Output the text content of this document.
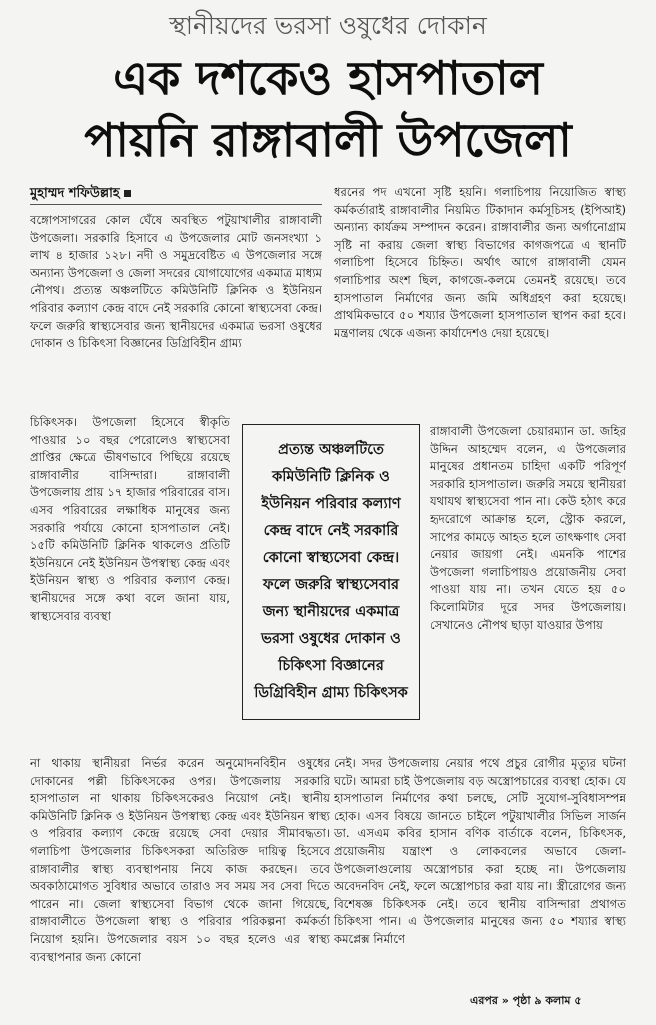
স্থানীয়দের ভরসা ওষুধের দোকান
এক দশকেও হাসপাতাল
পায়নি রাঙ্গাবালী উপজেলা
মুহাম্মদ শফিউল্লাহ

বঙ্গোপসাগরের কোল ঘেঁষে অবস্থিত পটুয়াখালীর রাঙ্গাবালী উপজেলা। সরকারি হিসাবে এ উপজেলার মোট জনসংখ্যা ১ লাখ ৪ হাজার ১২৮। নদী ও সমুদ্রবেষ্টিত এ উপজেলার সঙ্গে অন্যান্য উপজেলা ও জেলা সদরের যোগাযোগের একমাত্র মাধ্যম নৌপথ। প্রত্যন্ত অঞ্চলটিতে কমিউনিটি ক্লিনিক ও ইউনিয়ন পরিবার কল্যাণ কেন্দ্র বাদে নেই সরকারি কোনো স্বাস্থ্যসেবা কেন্দ্র। ফলে জরুরি স্বাস্থ্যসেবার জন্য স্থানীয়দের একমাত্র ভরসা ওষুধের দোকান ও চিকিৎসা বিজ্ঞানের ডিগ্রিবিহীন গ্রাম্য

চিকিৎসক। উপজেলা হিসেবে স্বীকৃতি পাওয়ার ১০ বছর পেরোলেও স্বাস্থ্যসেবা প্রাপ্তির ক্ষেত্রে ভীষণভাবে পিছিয়ে রয়েছে রাঙ্গাবালীর বাসিন্দারা। রাঙ্গাবালী উপজেলায় প্রায় ১৭ হাজার পরিবারের বাস। এসব পরিবারের লক্ষাধিক মানুষের জন্য সরকারি পর্যায়ে কোনো হাসপাতাল নেই। ১৫টি কমিউনিটি ক্লিনিক থাকলেও প্রতিটি ইউনিয়নে নেই ইউনিয়ন উপস্বাস্থ্য কেন্দ্র এবং ইউনিয়ন স্বাস্থ্য ও পরিবার কল্যাণ কেন্দ্র। স্থানীয়দের সঙ্গে কথা বলে জানা যায়, স্বাস্থ্যসেবার ব্যবস্থা

না থাকায় স্থানীয়রা নির্ভর করেন অনুমোদনবিহীন ওষুধের দোকানের পল্লী চিকিৎসকের ওপর। উপজেলায় সরকারি হাসপাতাল না থাকায় চিকিৎসকেরও নিয়োগ নেই। স্থানীয় কমিউনিটি ক্লিনিক ও ইউনিয়ন উপস্বাস্থ্য কেন্দ্র এবং ইউনিয়ন স্বাস্থ্য ও পরিবার কল্যাণ কেন্দ্রে রয়েছে সেবা দেয়ার সীমাবদ্ধতা। গলাচিপা উপজেলার চিকিৎসকরা অতিরিক্ত দায়িত্ব হিসেবে রাঙ্গাবালীর স্বাস্থ্য ব্যবস্থাপনায় নিযে কাজ করছেন। তবে অবকাঠামোগত সুবিধার অভাবে তারাও সব সময় সব সেবা দিতে পারেন না। জেলা স্বাস্থ্যসেবা বিভাগ থেকে জানা গিয়েছে, রাঙ্গাবালীতে উপজেলা স্বাস্থ্য ও পরিবার পরিকল্পনা কর্মকর্তা নিয়োগ হয়নি। উপজেলার বয়স ১০ বছর হলেও এর স্বাস্থ্য ব্যবস্থাপনার জন্য কোনো

ধরনের পদ এখনো সৃষ্টি হয়নি। গলাচিপায় নিয়োজিত স্বাস্থ্য কর্মকর্তারাই রাঙ্গাবালীর নিয়মিত টিকাদান কর্মসূচিসহ (ইপিআই) অন্যান্য কার্যক্রম সম্পাদন করেন। রাঙ্গাবালীর জন্য অর্গানোগ্রাম সৃষ্টি না করায় জেলা স্বাস্থ্য বিভাগের কাগজপত্রে এ স্থানটি গলাচিপা হিসেবে চিহ্নিত। অর্থাৎ আগে রাঙ্গাবালী যেমন গলাচিপার অংশ ছিল, কাগজে-কলমে তেমনই রয়েছে। তবে হাসপাতাল নির্মাণের জন্য জমি অধিগ্রহণ করা হয়েছে। প্রাথমিকভাবে ৫০ শয্যার উপজেলা হাসপাতাল স্থাপন করা হবে। মন্ত্রণালয় থেকে এজন্য কার্যাদেশও দেয়া হয়েছে।

রাঙ্গাবালী উপজেলা চেয়ারম্যান ডা. জহির উদ্দিন আহম্মেদ বলেন, এ উপজেলার মানুষের প্রধানতম চাহিদা একটি পরিপূর্ণ সরকারি হাসপাতাল। জরুরি সময়ে স্থানীয়রা যথাযথ স্বাস্থ্যসেবা পান না। কেউ হঠাৎ করে হৃদরোগে আক্রান্ত হলে, স্ট্রোক করলে, সাপের কামড়ে আহত হলে তাৎক্ষণাৎ সেবা নেয়ার জায়গা নেই। এমনকি পাশের উপজেলা গলাচিপায়ও প্রয়োজনীয় সেবা পাওয়া যায় না। তখন যেতে হয় ৫০ কিলোমিটার দূরে সদর উপজেলায়। সেখানেও নৌপথ ছাড়া যাওয়ার উপায়

নেই। সদর উপজেলায় নেয়ার পথে প্রচুর রোগীর মৃত্যুর ঘটনা ঘটে। আমরা চাই উপজেলায় বড় অস্ত্রোপচারের ব্যবস্থা হোক। যে হাসপাতাল নির্মাণের কথা চলছে, সেটি সুযোগ-সুবিধাসম্পন্ন হোক। এসব বিষয়ে জানতে চাইলে পটুয়াখালীর সিভিল সার্জন ডা. এসএম কবির হাসান বণিক বার্তাকে বলেন, চিকিৎসক, প্রয়োজনীয় যন্ত্রাংশ ও লোকবলের অভাবে জেলা-উপজেলাগুলোয় অস্ত্রোপচার করা হচ্ছে না। উপজেলায় অবেদনবিদ নেই, ফলে অস্ত্রোপচার করা যায় না। স্ত্রীরোগের জন্য বিশেষজ্ঞ চিকিৎসক নেই। তবে স্থানীয় বাসিন্দারা প্রথাগত চিকিৎসা পান। এ উপজেলার মানুষের জন্য ৫০ শয্যার স্বাস্থ্য কমপ্লেক্স নির্মাণে

প্রত্যন্ত অঞ্চলটিতে কমিউনিটি ক্লিনিক ও ইউনিয়ন পরিবার কল্যাণ কেন্দ্র বাদে নেই সরকারি কোনো স্বাস্থ্যসেবা কেন্দ্র। ফলে জরুরি স্বাস্থ্যসেবার জন্য স্থানীয়দের একমাত্র ভরসা ওষুধের দোকান ও চিকিৎসা বিজ্ঞানের ডিগ্রিবিহীন গ্রাম্য চিকিৎসক
এরপর » পৃষ্ঠা ৯ কলাম ৫
